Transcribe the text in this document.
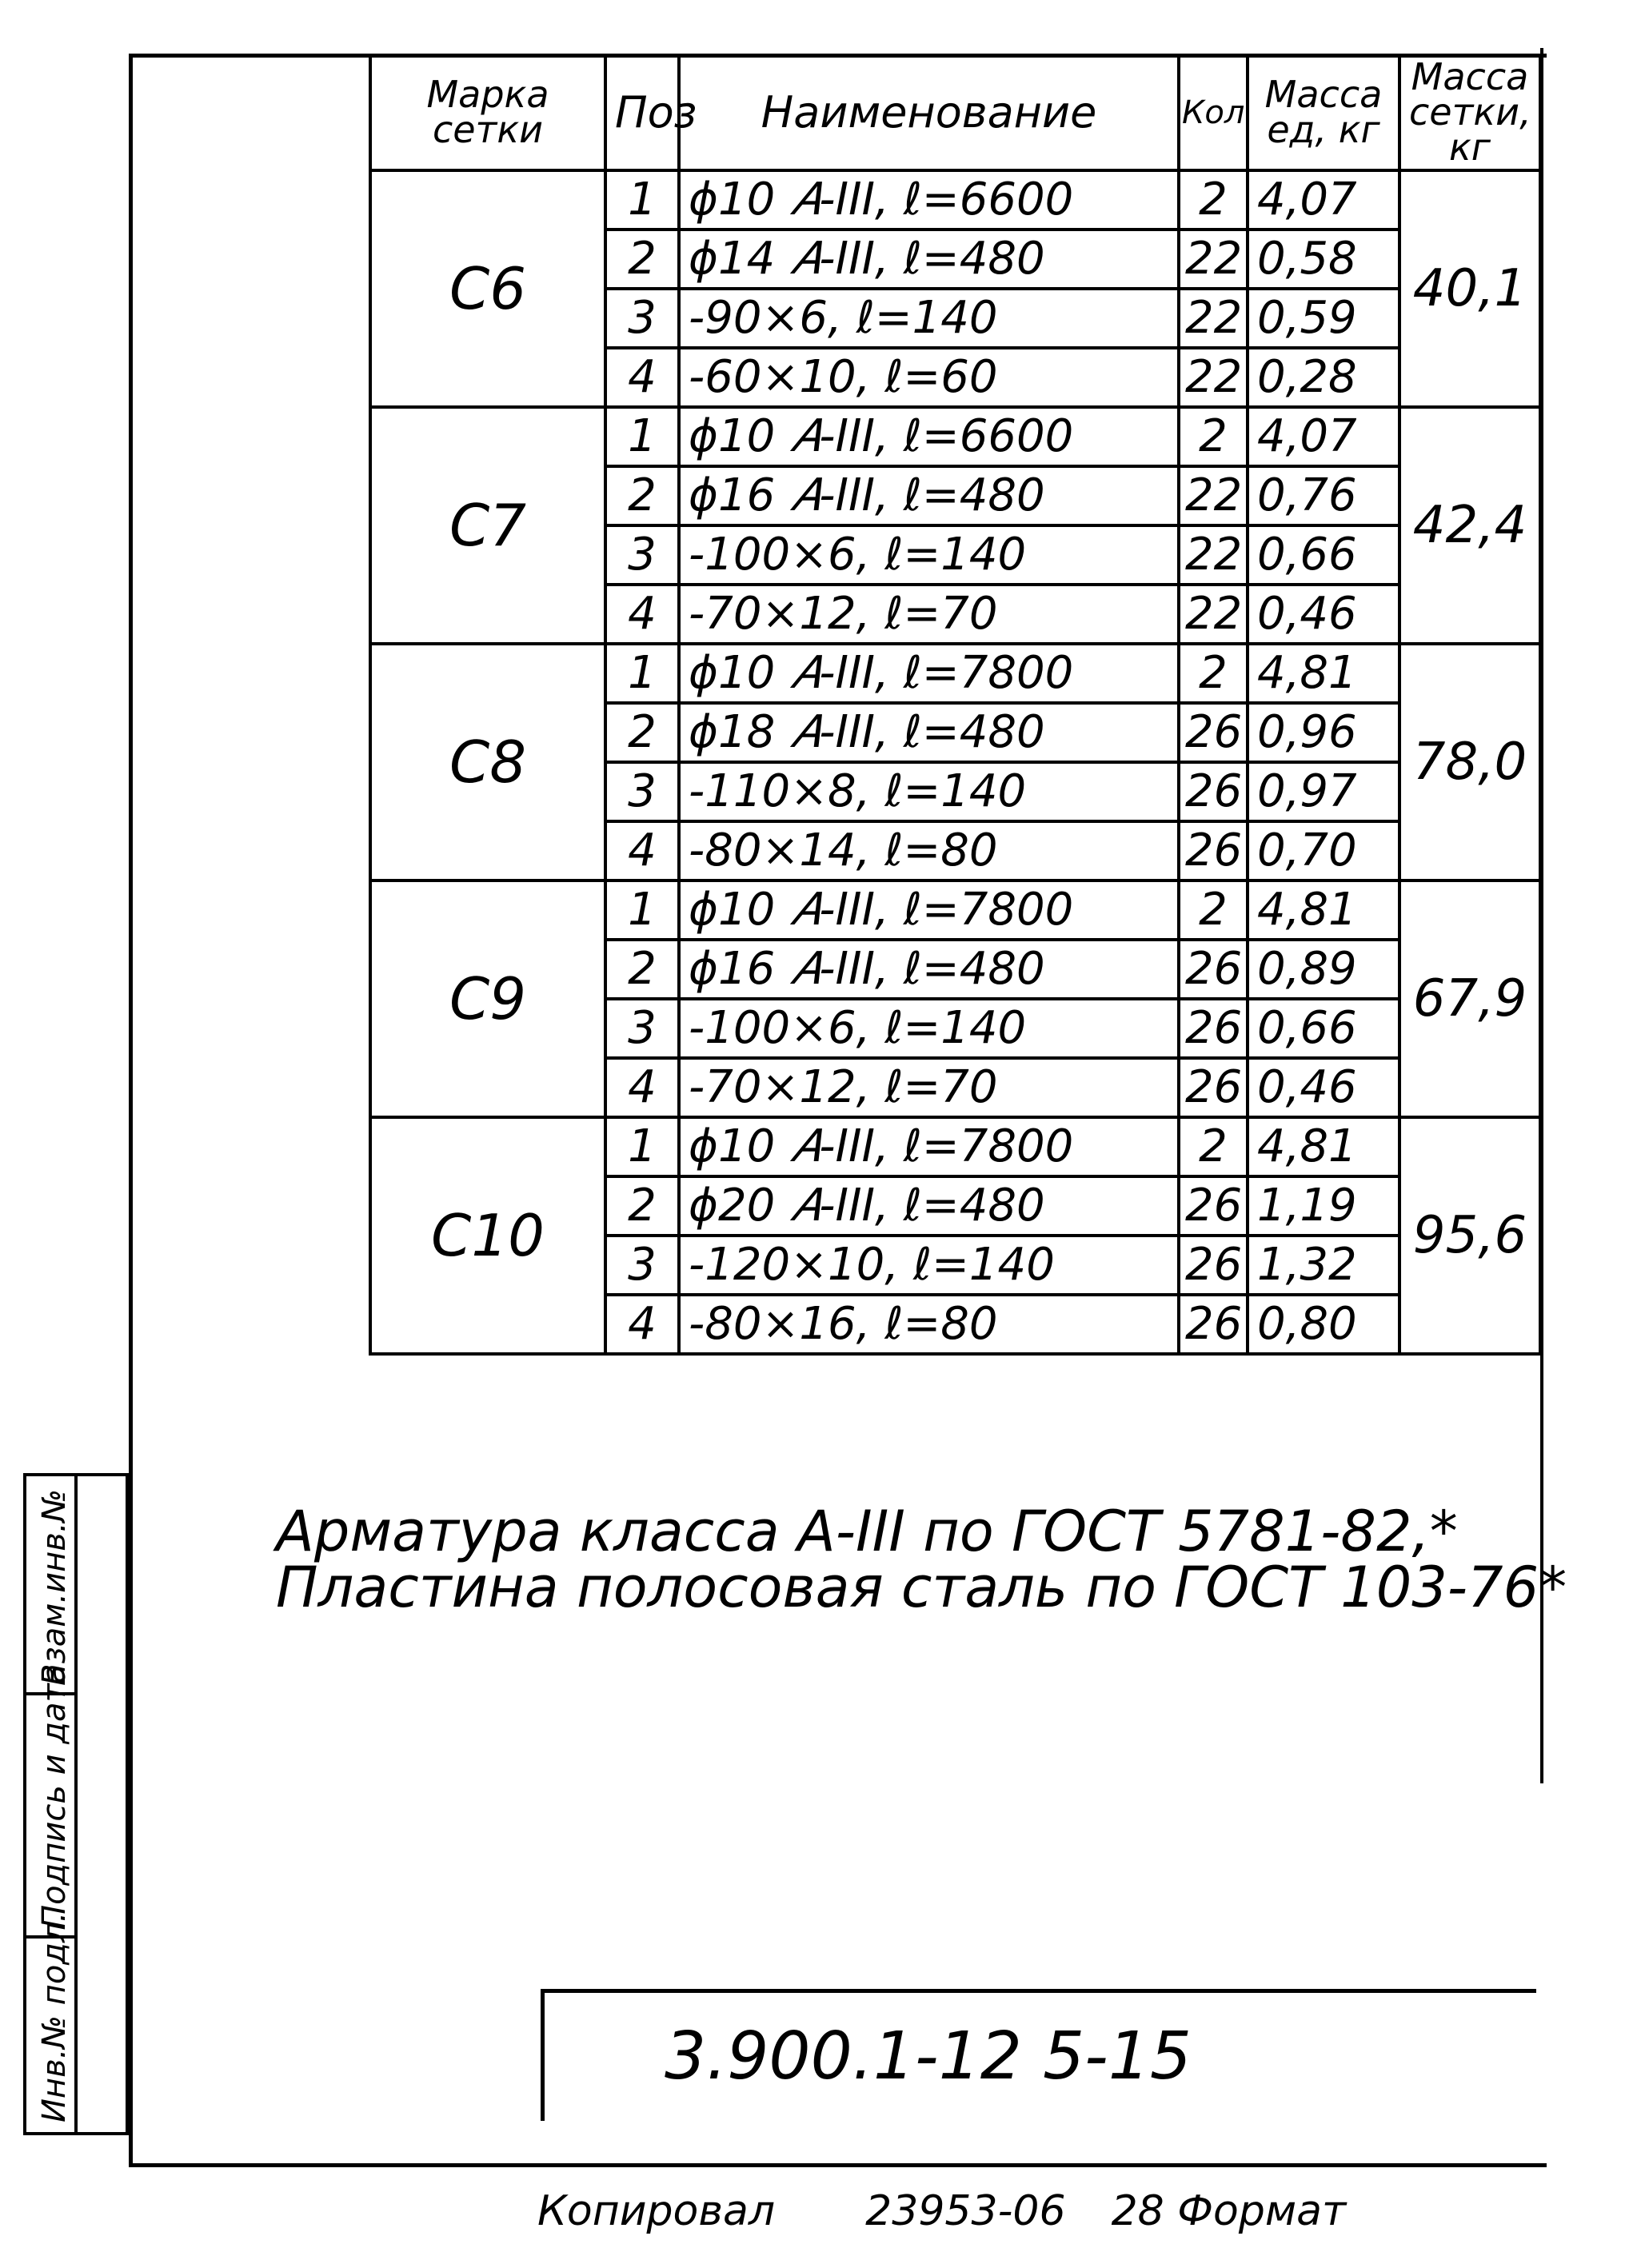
Марка сетки	Поз	Наименование	Кол	Масса ед, кг	Масса сетки, кг
С6	1	ϕ10 𝐴-III, ℓ=6600	2	4,07	40,1
	2	ϕ14 𝐴-III, ℓ=480	22	0,58	
	3	-90×6, ℓ=140	22	0,59	
	4	-60×10, ℓ=60	22	0,28	
С7	1	ϕ10 𝐴-III, ℓ=6600	2	4,07	42,4
	2	ϕ16 𝐴-III, ℓ=480	22	0,76	
	3	-100×6, ℓ=140	22	0,66	
	4	-70×12, ℓ=70	22	0,46	
С8	1	ϕ10 𝐴-III, ℓ=7800	2	4,81	78,0
	2	ϕ18 𝐴-III, ℓ=480	26	0,96	
	3	-110×8, ℓ=140	26	0,97	
	4	-80×14, ℓ=80	26	0,70	
С9	1	ϕ10 𝐴-III, ℓ=7800	2	4,81	67,9
	2	ϕ16 𝐴-III, ℓ=480	26	0,89	
	3	-100×6, ℓ=140	26	0,66	
	4	-70×12, ℓ=70	26	0,46	
С10	1	ϕ10 𝐴-III, ℓ=7800	2	4,81	95,6
	2	ϕ20 𝐴-III, ℓ=480	26	1,19	
	3	-120×10, ℓ=140	26	1,32	
	4	-80×16, ℓ=80	26	0,80	
Арматура класса А-III по ГОСТ 5781-82,*
Пластина полосовая сталь по ГОСТ 103-76*
Взам.инв.№
Подпись и дата
Инв.№ подл.	3.900.1-12 5-15
Копировал 23953-06 28 Формат
